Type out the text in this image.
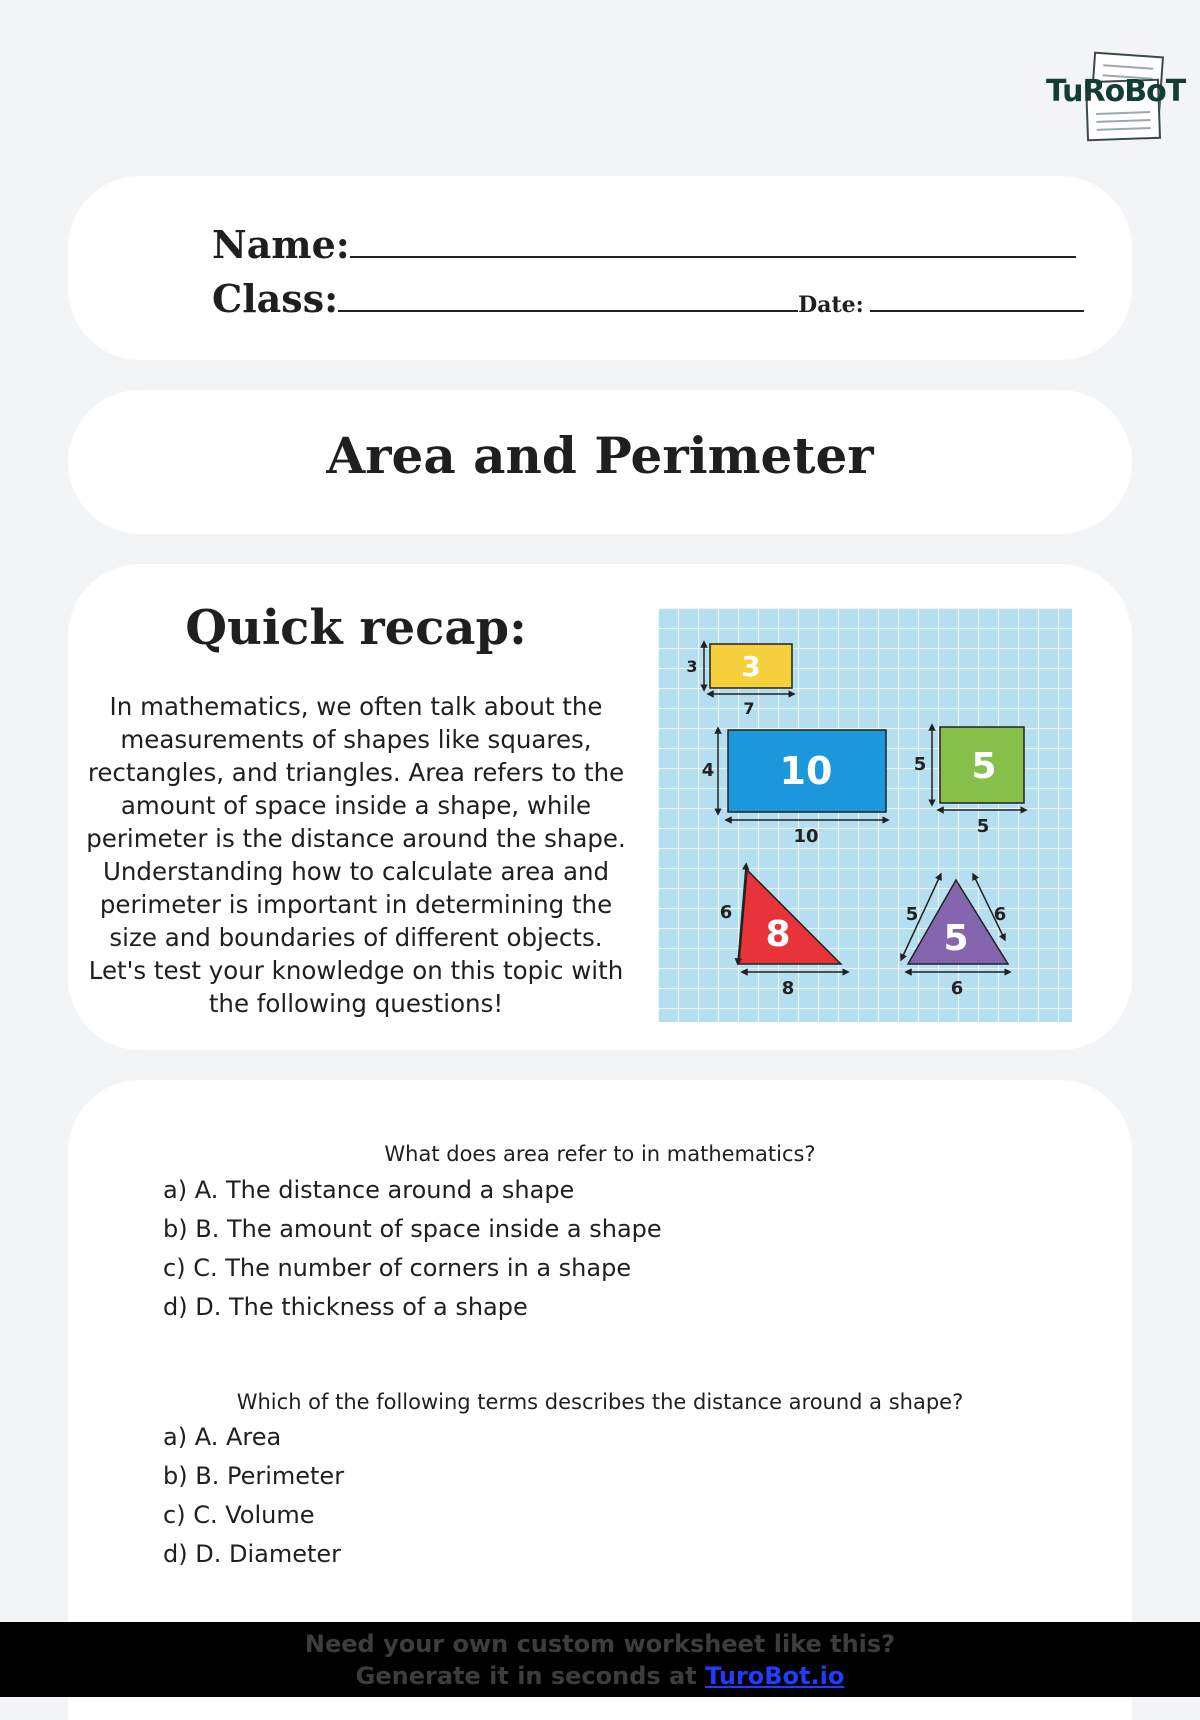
TuRoBoT
Name:
Class:	Date:
Area and Perimeter
Quick recap:

In mathematics, we often talk about the measurements of shapes like squares, rectangles, and triangles. Area refers to the amount of space inside a shape, while perimeter is the distance around the shape. Understanding how to calculate area and perimeter is important in determining the size and boundaries of different objects. Let's test your knowledge on this topic with the following questions!

3
3
7
10
4
10
5
5
5
8
6
8
5
5	6
6
What does area refer to in mathematics?
a) A. The distance around a shape
b) B. The amount of space inside a shape
c) C. The number of corners in a shape
d) D. The thickness of a shape
Which of the following terms describes the distance around a shape?
a) A. Area
b) B. Perimeter
c) C. Volume
d) D. Diameter
Need your own custom worksheet like this?
Generate it in seconds at TuroBot.io
